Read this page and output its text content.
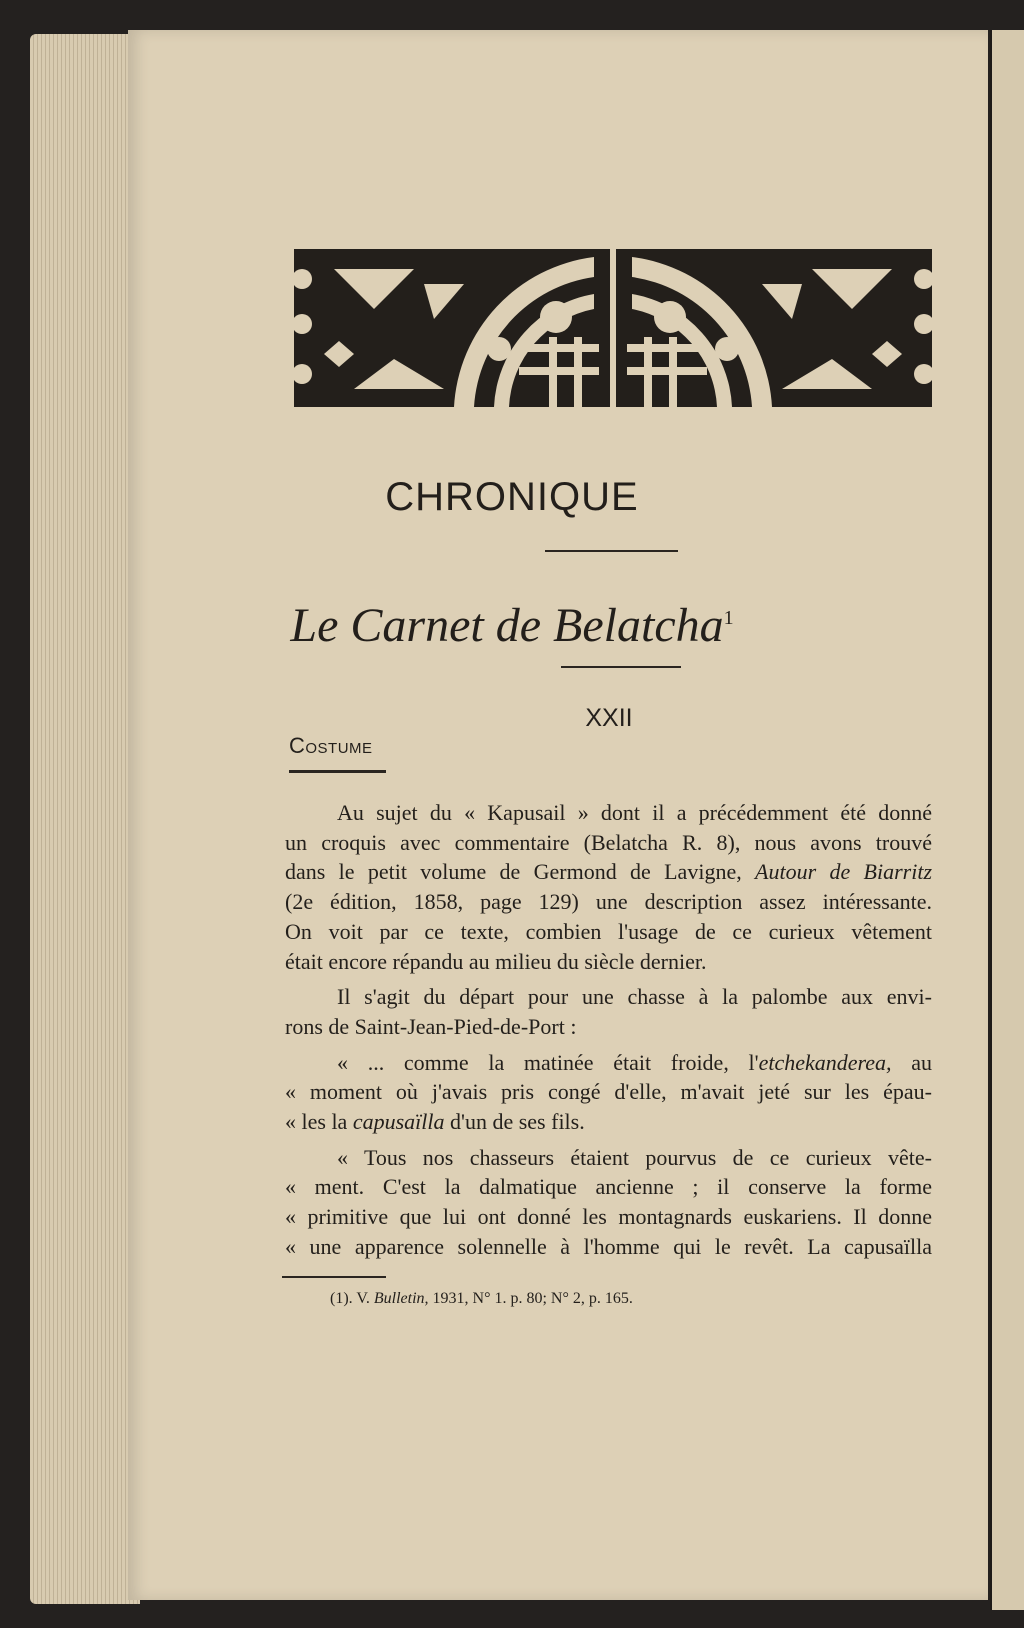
CHRONIQUE
Le Carnet de Belatcha$^1$
XXII
Costume
Au sujet du « Kapusail » dont il a précédemment été donné
un croquis avec commentaire (Belatcha R. 8), nous avons trouvé
dans le petit volume de Germond de Lavigne, Autour de Biarritz
(2e édition, 1858, page 129) une description assez intéressante.
On voit par ce texte, combien l'usage de ce curieux vêtement
était encore répandu au milieu du siècle dernier.
Il s'agit du départ pour une chasse à la palombe aux envi-
rons de Saint-Jean-Pied-de-Port :
« ... comme la matinée était froide, l'etchekanderea, au
« moment où j'avais pris congé d'elle, m'avait jeté sur les épau-
« les la capusaïlla d'un de ses fils.
« Tous nos chasseurs étaient pourvus de ce curieux vête-
« ment. C'est la dalmatique ancienne ; il conserve la forme
« primitive que lui ont donné les montagnards euskariens. Il donne
« une apparence solennelle à l'homme qui le revêt. La capusaïlla
(1). V. Bulletin, 1931, N° 1. p. 80; N° 2, p. 165.
